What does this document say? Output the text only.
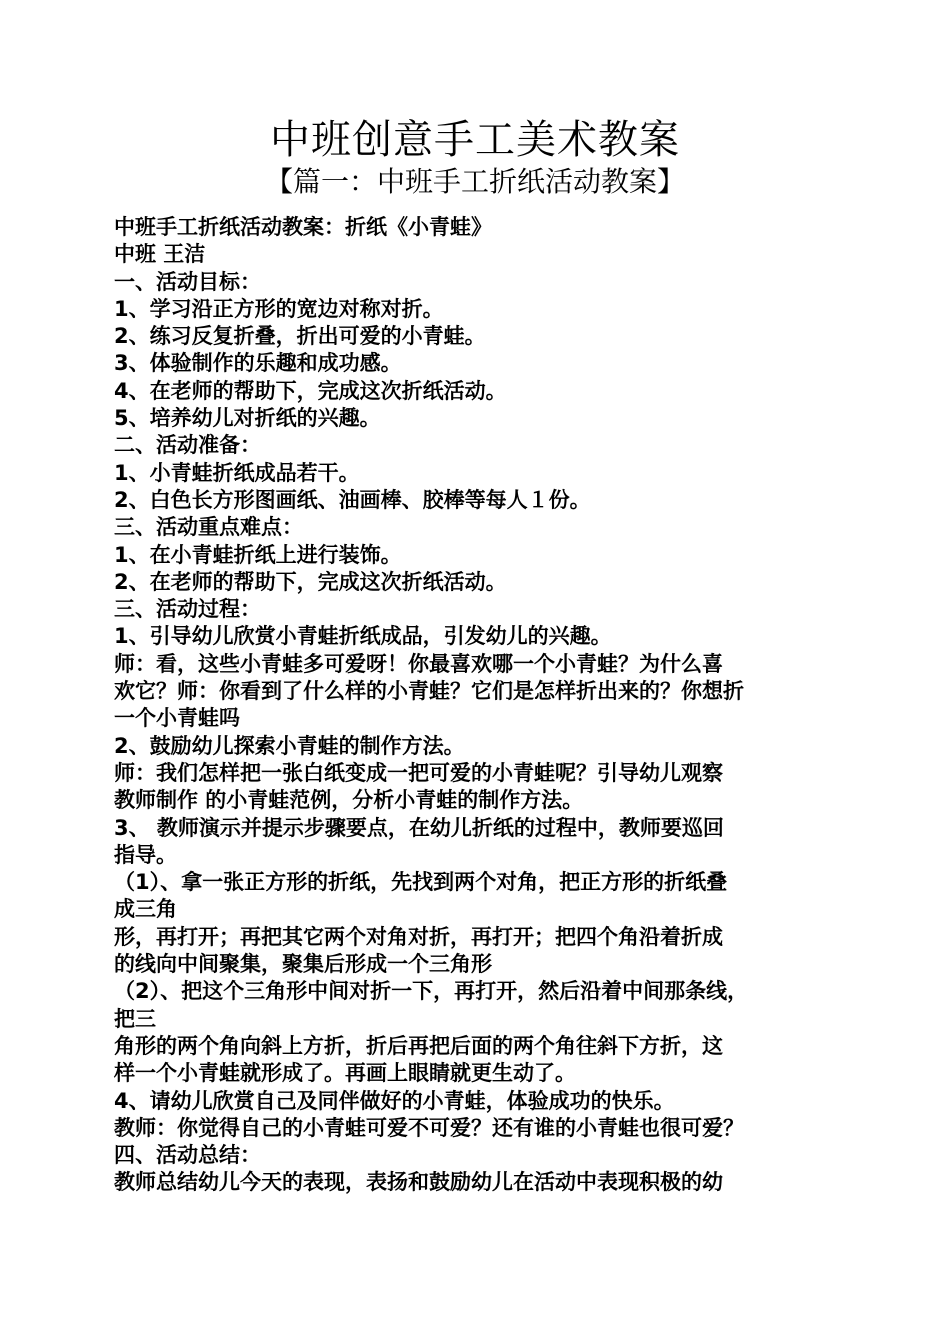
中班创意手工美术教案
【篇一：中班手工折纸活动教案】
中班手工折纸活动教案：折纸《小青蛙》
中班 王洁
一、活动目标：
1、学习沿正方形的宽边对称对折。
2、练习反复折叠，折出可爱的小青蛙。
3、体验制作的乐趣和成功感。
4、在老师的帮助下，完成这次折纸活动。
5、培养幼儿对折纸的兴趣。
二、活动准备：
1、小青蛙折纸成品若干。
2、白色长方形图画纸、油画棒、胶棒等每人１份。
三、活动重点难点：
1、在小青蛙折纸上进行装饰。
2、在老师的帮助下，完成这次折纸活动。
三、活动过程：
1、引导幼儿欣赏小青蛙折纸成品，引发幼儿的兴趣。
师：看，这些小青蛙多可爱呀！你最喜欢哪一个小青蛙？为什么喜
欢它？师：你看到了什么样的小青蛙？它们是怎样折出来的？你想折
一个小青蛙吗
2、鼓励幼儿探索小青蛙的制作方法。
师：我们怎样把一张白纸变成一把可爱的小青蛙呢？引导幼儿观察
教师制作 的小青蛙范例，分析小青蛙的制作方法。
3、 教师演示并提示步骤要点，在幼儿折纸的过程中，教师要巡回
指导。
（1）、拿一张正方形的折纸，先找到两个对角，把正方形的折纸叠
成三角
形，再打开；再把其它两个对角对折，再打开；把四个角沿着折成
的线向中间聚集，聚集后形成一个三角形
（2）、把这个三角形中间对折一下，再打开，然后沿着中间那条线，
把三
角形的两个角向斜上方折，折后再把后面的两个角往斜下方折，这
样一个小青蛙就形成了。再画上眼睛就更生动了。
4、请幼儿欣赏自己及同伴做好的小青蛙，体验成功的快乐。
教师：你觉得自己的小青蛙可爱不可爱？还有谁的小青蛙也很可爱？
四、活动总结：
教师总结幼儿今天的表现，表扬和鼓励幼儿在活动中表现积极的幼
